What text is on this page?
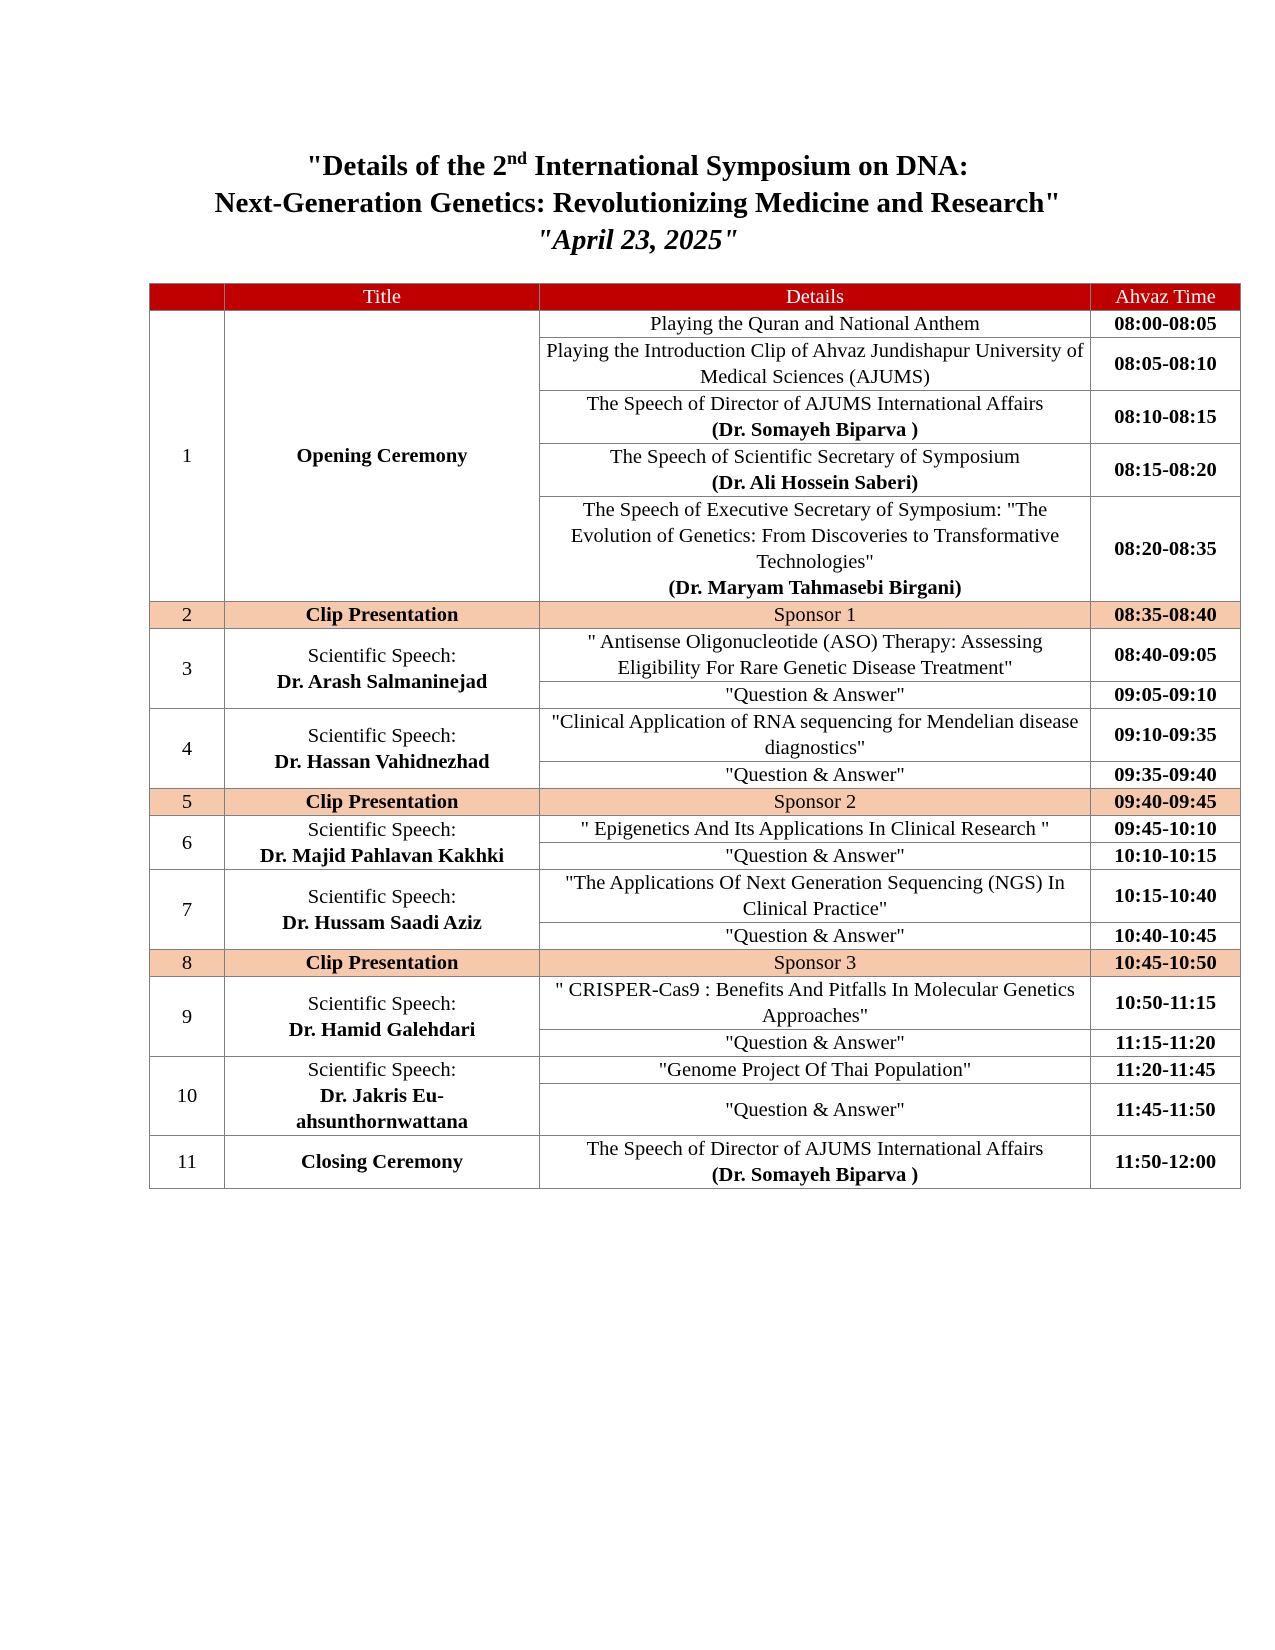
"Details of the 2nd International Symposium on DNA:
Next-Generation Genetics: Revolutionizing Medicine and Research"
"April 23, 2025"
	Title	Details	Ahvaz Time
1	Opening Ceremony	Playing the Quran and National Anthem	08:00-08:05

		Playing the Introduction Clip of Ahvaz Jundishapur University of Medical Sciences (AJUMS)	08:05-08:10

		The Speech of Director of AJUMS International Affairs
(Dr. Somayeh Biparva )	08:10-08:15

		The Speech of Scientific Secretary of Symposium
(Dr. Ali Hossein Saberi)	08:15-08:20

		The Speech of Executive Secretary of Symposium: "The Evolution of Genetics: From Discoveries to Transformative Technologies"
(Dr. Maryam Tahmasebi Birgani)	08:20-08:35
2	Clip Presentation	Sponsor 1	08:35-08:40
3	Scientific Speech:
Dr. Arash Salmaninejad	" Antisense Oligonucleotide (ASO) Therapy: Assessing Eligibility For Rare Genetic Disease Treatment"	08:40-09:05
		"Question & Answer"	09:05-09:10
4	Scientific Speech:
Dr. Hassan Vahidnezhad	"Clinical Application of RNA sequencing for Mendelian disease diagnostics"	09:10-09:35
		"Question & Answer"	09:35-09:40
5	Clip Presentation	Sponsor 2	09:40-09:45
6	Scientific Speech:
Dr. Majid Pahlavan Kakhki	" Epigenetics And Its Applications In Clinical Research "	09:45-10:10
		"Question & Answer"	10:10-10:15
7	Scientific Speech:
Dr. Hussam Saadi Aziz	"The Applications Of Next Generation Sequencing (NGS) In Clinical Practice"	10:15-10:40
		"Question & Answer"	10:40-10:45
8	Clip Presentation	Sponsor 3	10:45-10:50
9	Scientific Speech:
Dr. Hamid Galehdari	" CRISPER-Cas9 : Benefits And Pitfalls In Molecular Genetics Approaches"	10:50-11:15
		"Question & Answer"	11:15-11:20
10	Scientific Speech:
Dr. Jakris Eu-ahsunthornwattana	"Genome Project Of Thai Population"	11:20-11:45
		"Question & Answer"	11:45-11:50
11	Closing Ceremony	The Speech of Director of AJUMS International Affairs
(Dr. Somayeh Biparva )	11:50-12:00
